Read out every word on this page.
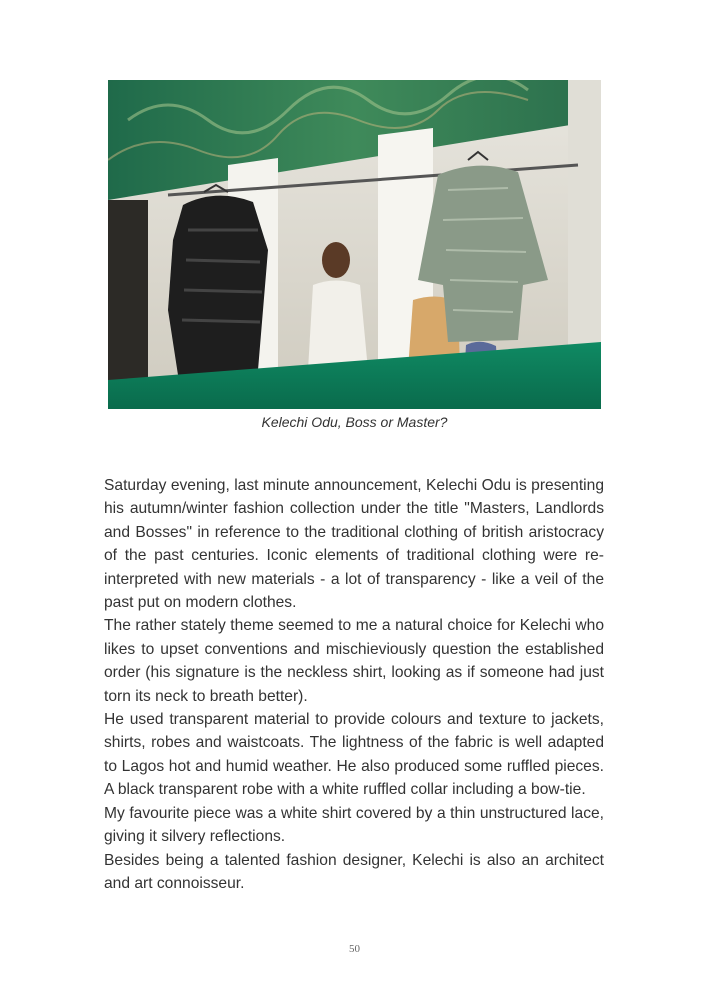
Kelechi Odu, Boss or Master?

Saturday evening, last minute announcement, Kelechi Odu is presenting his autumn/winter fashion collection under the title "Masters, Landlords and Bosses" in reference to the traditional clothing of british aristocracy of the past centuries. Iconic elements of traditional clothing were re-interpreted with new materials - a lot of transparency - like a veil of the past put on modern clothes.

The rather stately theme seemed to me a natural choice for Kelechi who likes to upset conventions and mischieviously question the established order (his signature is the neckless shirt, looking as if someone had just torn its neck to breath better).

He used transparent material to provide colours and texture to jackets, shirts, robes and waistcoats. The lightness of the fabric is well adapted to Lagos hot and humid weather. He also produced some ruffled pieces. A black transparent robe with a white ruffled collar including a bow-tie.

My favourite piece was a white shirt covered by a thin unstructured lace, giving it silvery reflections.

Besides being a talented fashion designer, Kelechi is also an architect and art connoisseur.

50
